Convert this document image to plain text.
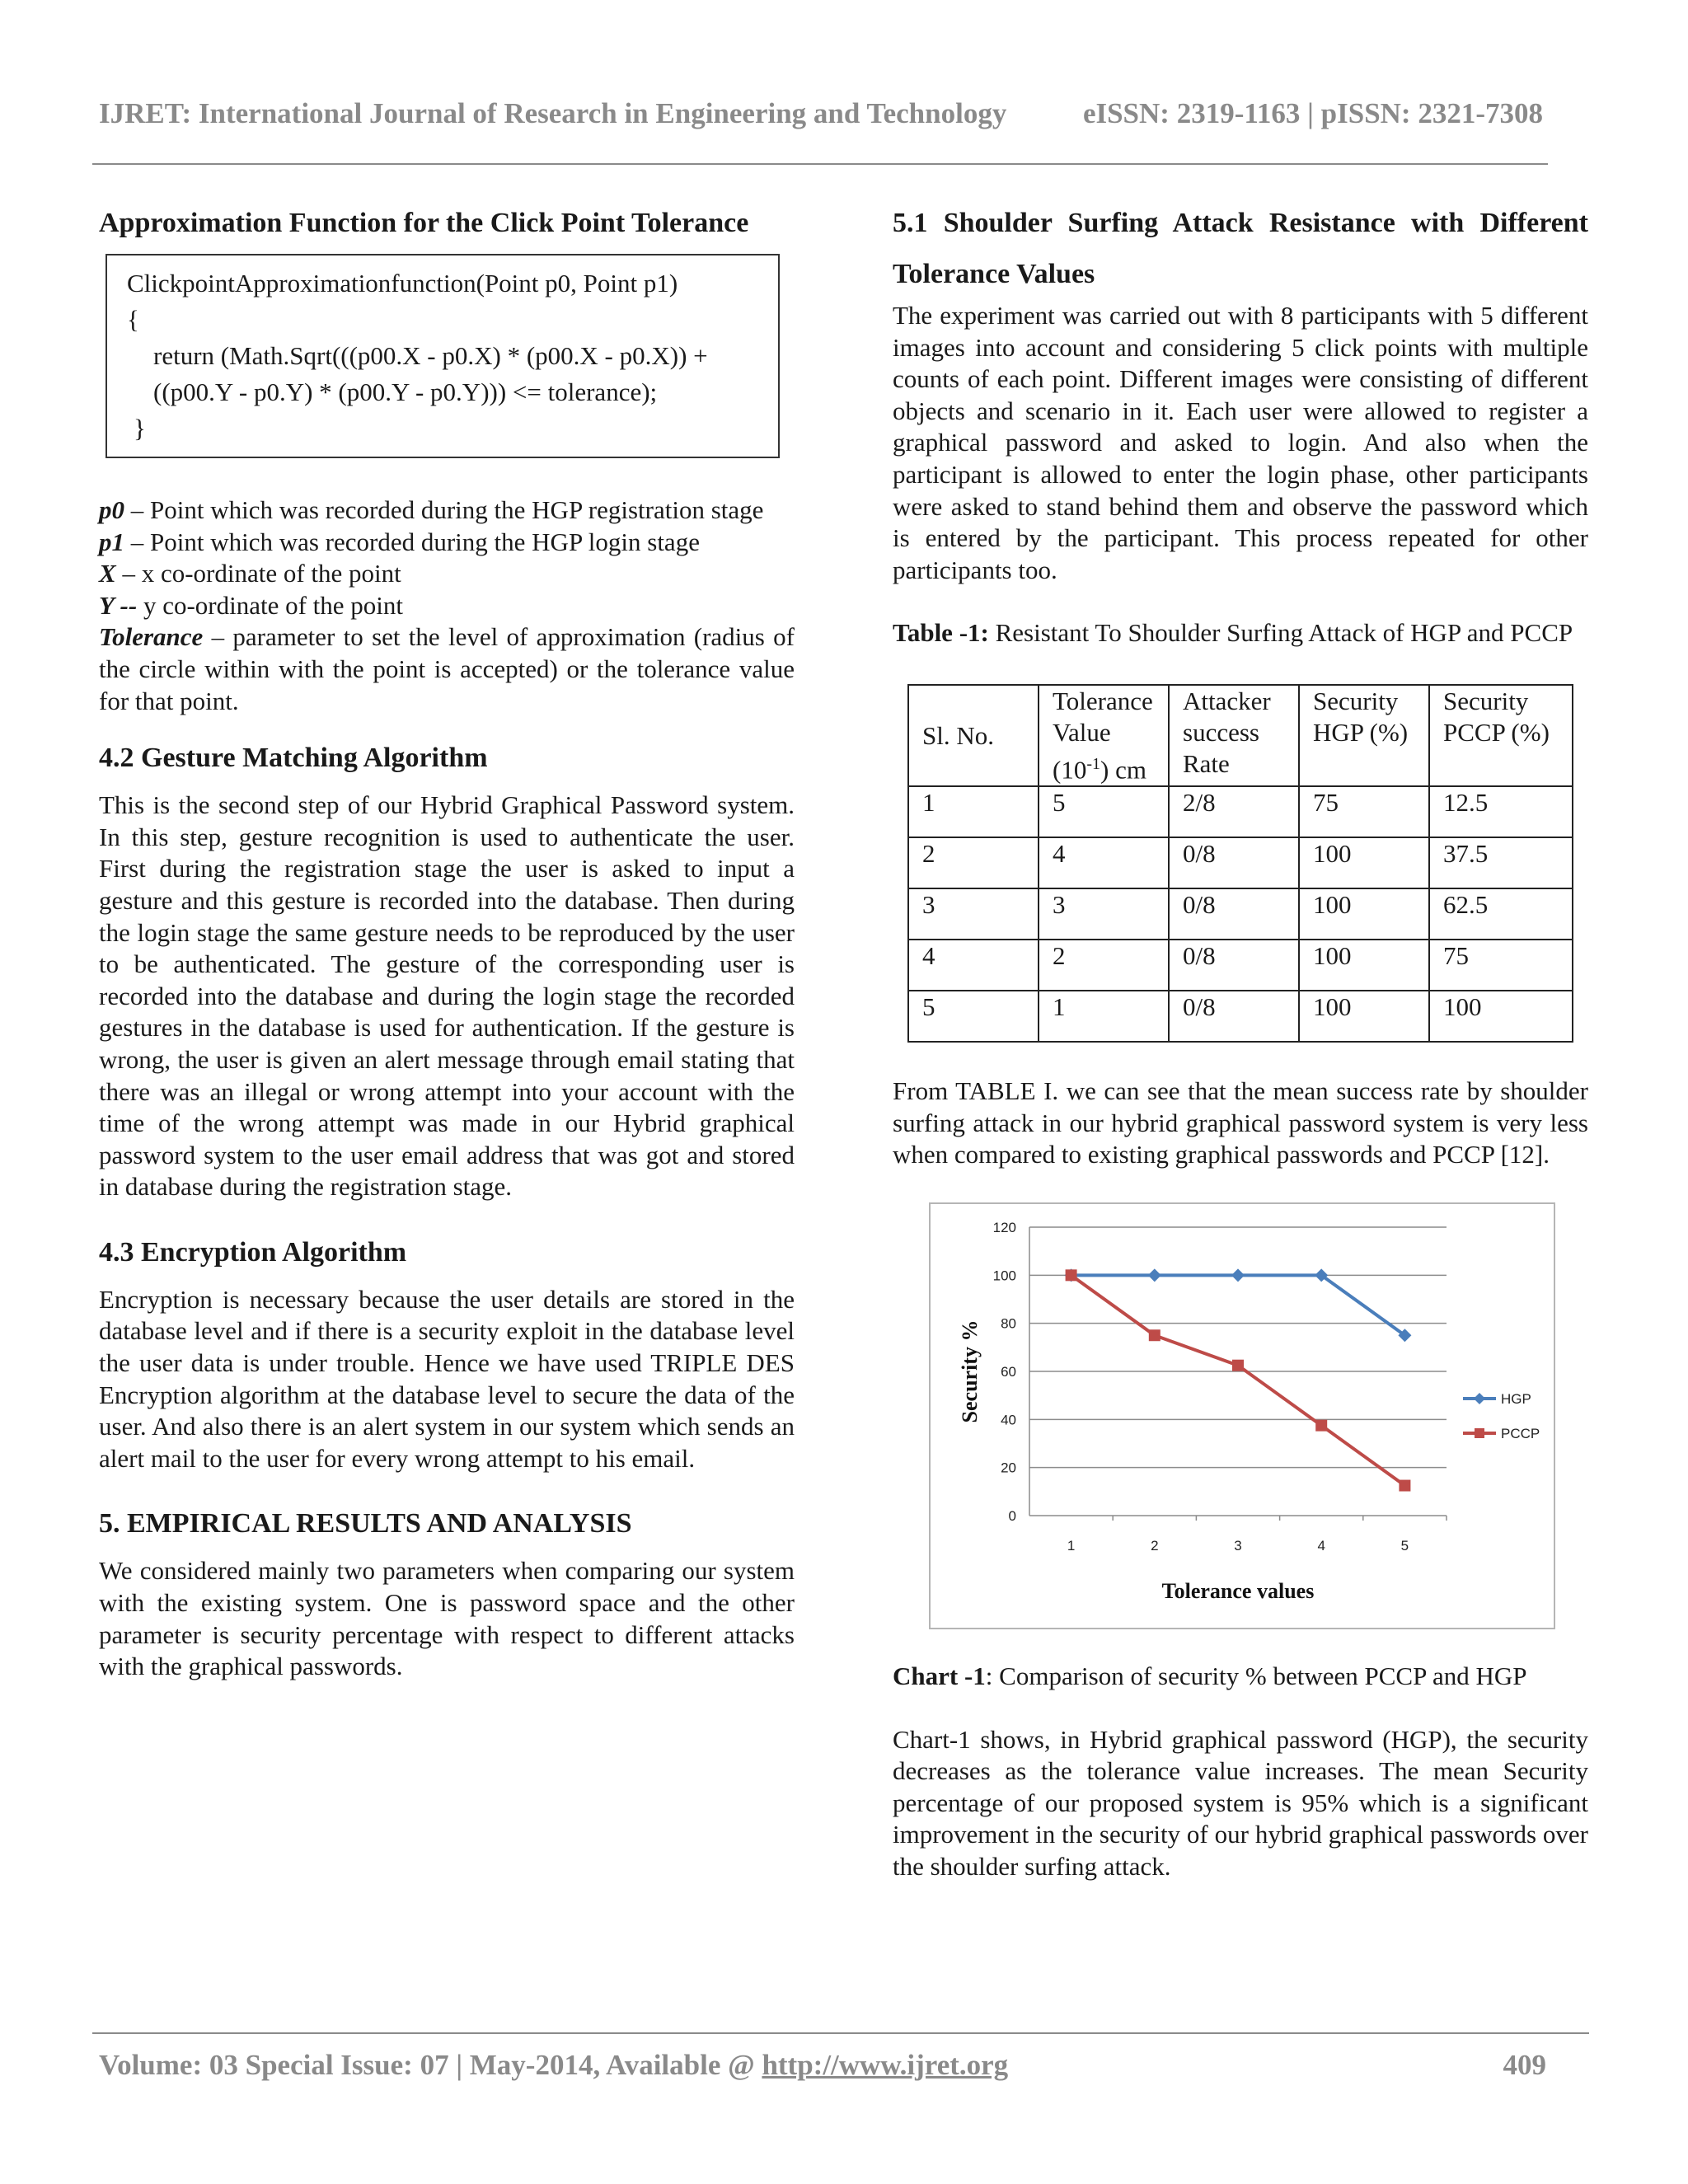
IJRET: International Journal of Research in Engineering and Technology	eISSN: 2319-1163 | pISSN: 2321-7308
Approximation Function for the Click Point Tolerance
ClickpointApproximationfunction(Point p0, Point p1)
{
return (Math.Sqrt(((p00.X - p0.X) * (p00.X - p0.X)) +
((p00.Y - p0.Y) * (p00.Y - p0.Y))) <= tolerance);
}

p0 – Point which was recorded during the HGP registration stage

p1 – Point which was recorded during the HGP login stage

X – x co-ordinate of the point

Y -- y co-ordinate of the point

Tolerance – parameter to set the level of approximation (radius of the circle within with the point is accepted) or the tolerance value for that point.

4.2 Gesture Matching Algorithm

This is the second step of our Hybrid Graphical Password system. In this step, gesture recognition is used to authenticate the user. First during the registration stage the user is asked to input a gesture and this gesture is recorded into the database. Then during the login stage the same gesture needs to be reproduced by the user to be authenticated. The gesture of the corresponding user is recorded into the database and during the login stage the recorded gestures in the database is used for authentication. If the gesture is wrong, the user is given an alert message through email stating that there was an illegal or wrong attempt into your account with the time of the wrong attempt was made in our Hybrid graphical password system to the user email address that was got and stored in database during the registration stage.

4.3 Encryption Algorithm

Encryption is necessary because the user details are stored in the database level and if there is a security exploit in the database level the user data is under trouble. Hence we have used TRIPLE DES Encryption algorithm at the database level to secure the data of the user. And also there is an alert system in our system which sends an alert mail to the user for every wrong attempt to his email.

5. EMPIRICAL RESULTS AND ANALYSIS

We considered mainly two parameters when comparing our system with the existing system. One is password space and the other parameter is security percentage with respect to different attacks with the graphical passwords.

5.1 Shoulder Surfing Attack Resistance with Different Tolerance Values

The experiment was carried out with 8 participants with 5 different images into account and considering 5 click points with multiple counts of each point. Different images were consisting of different objects and scenario in it. Each user were allowed to register a graphical password and asked to login. And also when the participant is allowed to enter the login phase, other participants were asked to stand behind them and observe the password which is entered by the participant. This process repeated for other participants too.

Table -1: Resistant To Shoulder Surfing Attack of HGP and PCCP

Sl. No.	Tolerance Value $(10^{-1})$ cm	Attacker success Rate	Security HGP (%)	Security PCCP (%)
1	5	2/8	75	12.5
2	4	0/8	100	37.5
3	3	0/8	100	62.5
4	2	0/8	100	75
5	1	0/8	100	100

From TABLE I. we can see that the mean success rate by shoulder surfing attack in our hybrid graphical password system is very less when compared to existing graphical passwords and PCCP [12].

0
20
40
60
80
100
120
1	2	3	4	5
Tolerance values
Security %	HGP
PCCP

Chart -1: Comparison of security % between PCCP and HGP

Chart-1 shows, in Hybrid graphical password (HGP), the security decreases as the tolerance value increases. The mean Security percentage of our proposed system is 95% which is a significant improvement in the security of our hybrid graphical passwords over the shoulder surfing attack.

Volume: 03 Special Issue: 07 | May-2014, Available @ http://www.ijret.org	409
